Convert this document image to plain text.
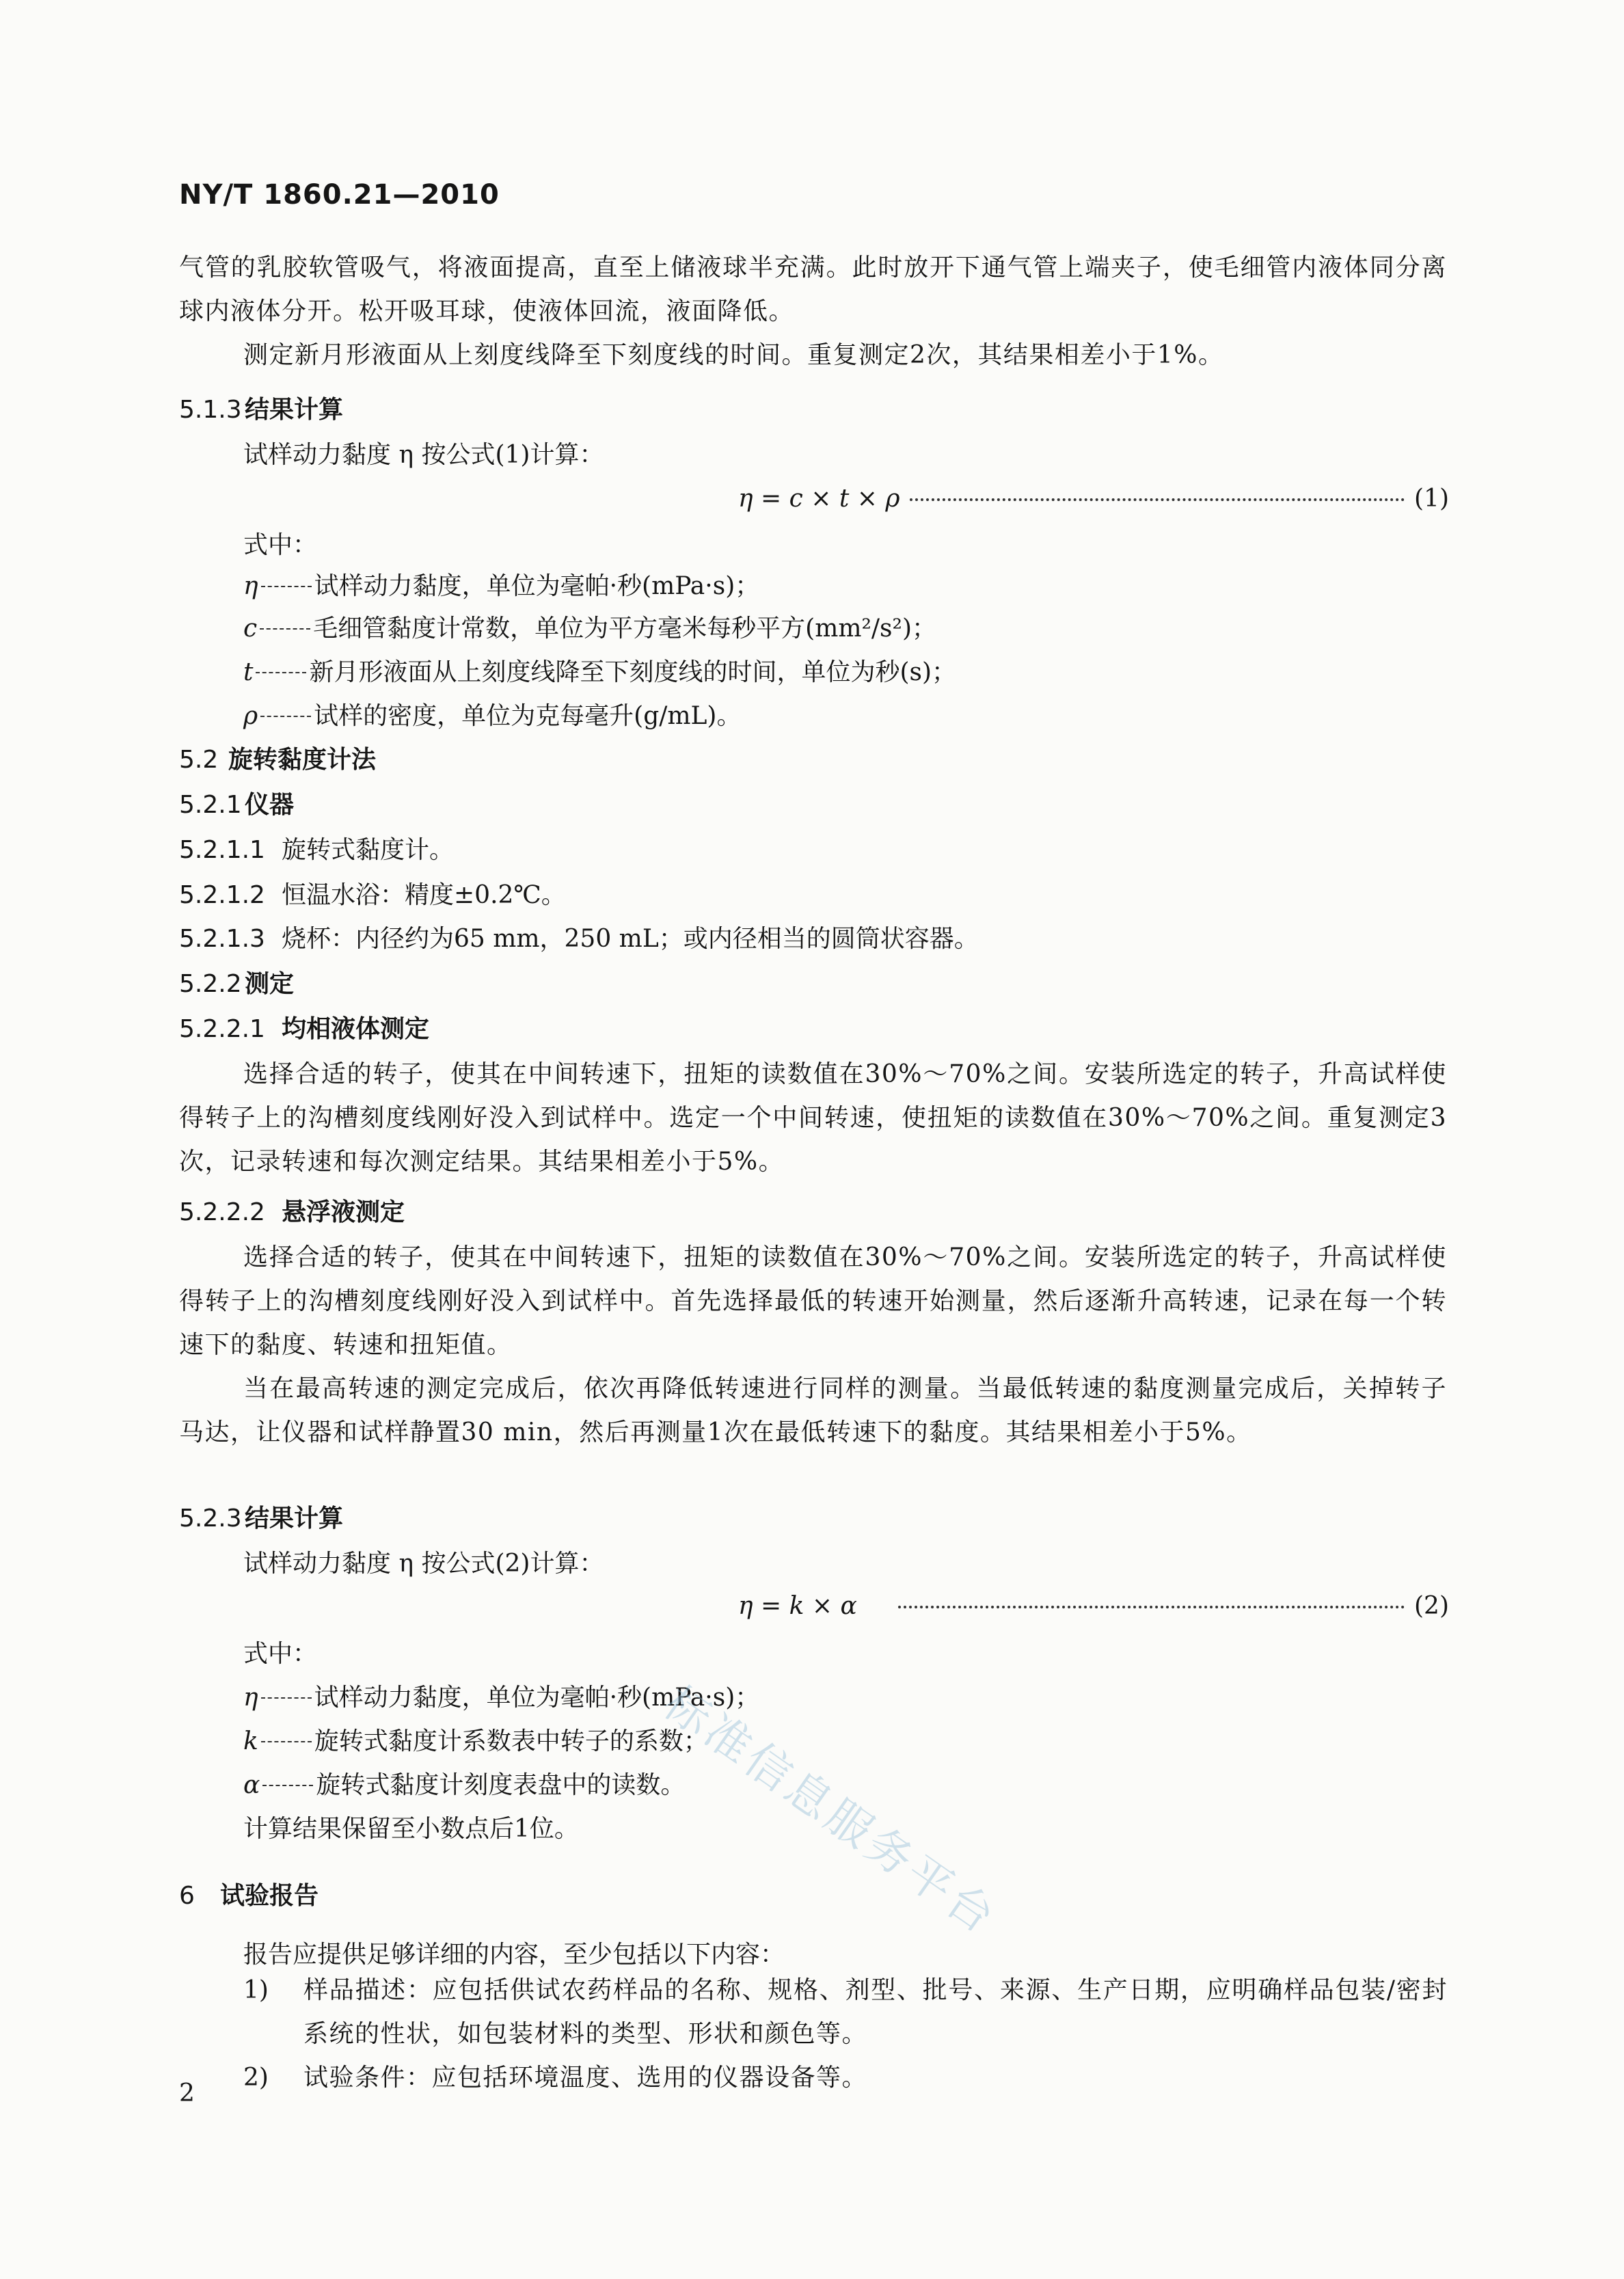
NY/T 1860.21—2010
气管的乳胶软管吸气，将液面提高，直至上储液球半充满。此时放开下通气管上端夹子，使毛细管内液体同分离球内液体分开。松开吸耳球，使液体回流，液面降低。
测定新月形液面从上刻度线降至下刻度线的时间。重复测定2次，其结果相差小于1%。
5.1.3 结果计算
试样动力黏度 η 按公式(1)计算：
η = c × t × ρ	(1)
式中：
η 试样动力黏度，单位为毫帕·秒(mPa·s)；
c 毛细管黏度计常数，单位为平方毫米每秒平方(mm²/s²)；
t 新月形液面从上刻度线降至下刻度线的时间，单位为秒(s)；
ρ 试样的密度，单位为克每毫升(g/mL)。
5.2 旋转黏度计法
5.2.1 仪器
5.2.1.1 旋转式黏度计。
5.2.1.2 恒温水浴：精度±0.2℃。
5.2.1.3 烧杯：内径约为65 mm，250 mL；或内径相当的圆筒状容器。
5.2.2 测定
5.2.2.1 均相液体测定
选择合适的转子，使其在中间转速下，扭矩的读数值在30%～70%之间。安装所选定的转子，升高试样使得转子上的沟槽刻度线刚好没入到试样中。选定一个中间转速，使扭矩的读数值在30%～70%之间。重复测定3次，记录转速和每次测定结果。其结果相差小于5%。
5.2.2.2 悬浮液测定
选择合适的转子，使其在中间转速下，扭矩的读数值在30%～70%之间。安装所选定的转子，升高试样使得转子上的沟槽刻度线刚好没入到试样中。首先选择最低的转速开始测量，然后逐渐升高转速，记录在每一个转速下的黏度、转速和扭矩值。
当在最高转速的测定完成后，依次再降低转速进行同样的测量。当最低转速的黏度测量完成后，关掉转子马达，让仪器和试样静置30 min，然后再测量1次在最低转速下的黏度。其结果相差小于5%。
5.2.3 结果计算
试样动力黏度 η 按公式(2)计算：
η = k × α	(2)
式中：
η 试样动力黏度，单位为毫帕·秒(mPa·s)；
k 旋转式黏度计系数表中转子的系数；
α 旋转式黏度计刻度表盘中的读数。
计算结果保留至小数点后1位。
6 试验报告
报告应提供足够详细的内容，至少包括以下内容：
1)	样品描述：应包括供试农药样品的名称、规格、剂型、批号、来源、生产日期，应明确样品包装/密封系统的性状，如包装材料的类型、形状和颜色等。
2)	试验条件：应包括环境温度、选用的仪器设备等。
标准信息服务平台
2
